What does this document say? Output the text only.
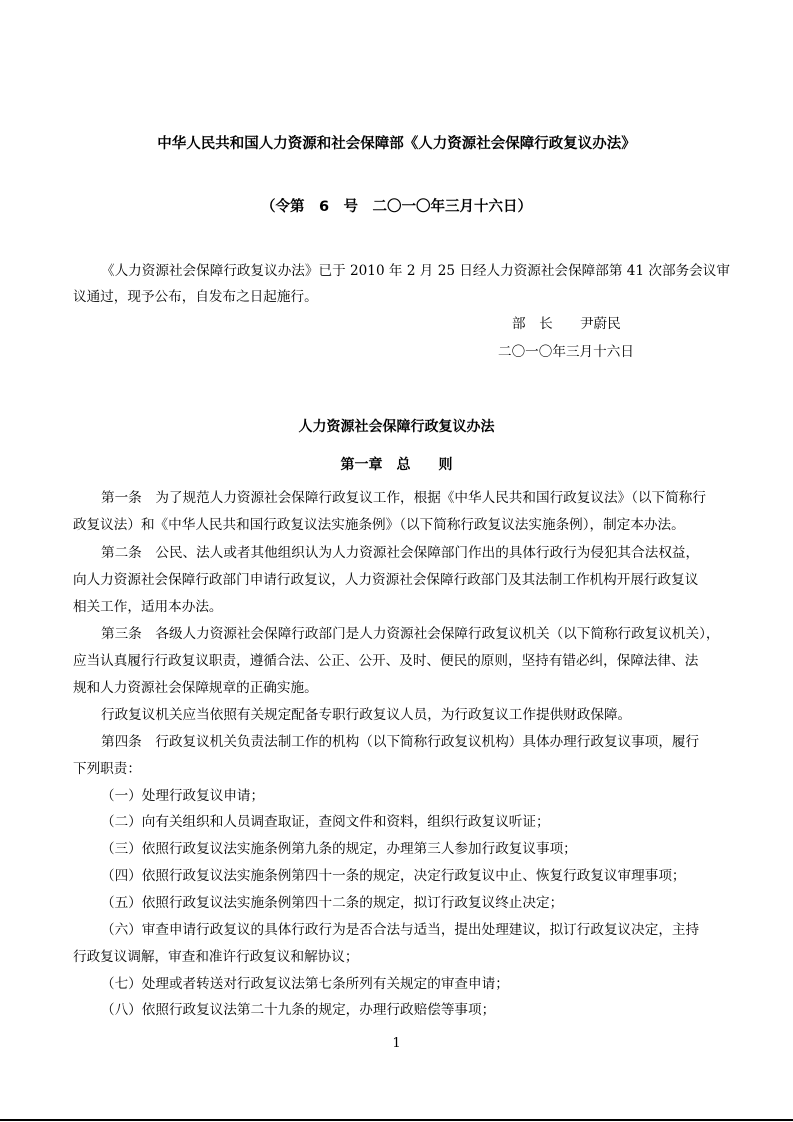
中华人民共和国人力资源和社会保障部《人力资源社会保障行政复议办法》
（令第　6　号　二〇一〇年三月十六日）
《人力资源社会保障行政复议办法》已于 2010 年 2 月 25 日经人力资源社会保障部第 41 次部务会议审
议通过，现予公布，自发布之日起施行。
部　长　　尹蔚民
二〇一〇年三月十六日
人力资源社会保障行政复议办法
第一章　总　　则
第一条　为了规范人力资源社会保障行政复议工作，根据《中华人民共和国行政复议法》（以下简称行
政复议法）和《中华人民共和国行政复议法实施条例》（以下简称行政复议法实施条例），制定本办法。
第二条　公民、法人或者其他组织认为人力资源社会保障部门作出的具体行政行为侵犯其合法权益，
向人力资源社会保障行政部门申请行政复议，人力资源社会保障行政部门及其法制工作机构开展行政复议
相关工作，适用本办法。
第三条　各级人力资源社会保障行政部门是人力资源社会保障行政复议机关（以下简称行政复议机关），
应当认真履行行政复议职责，遵循合法、公正、公开、及时、便民的原则，坚持有错必纠，保障法律、法
规和人力资源社会保障规章的正确实施。
行政复议机关应当依照有关规定配备专职行政复议人员，为行政复议工作提供财政保障。
第四条　行政复议机关负责法制工作的机构（以下简称行政复议机构）具体办理行政复议事项，履行
下列职责：
（一）处理行政复议申请；
（二）向有关组织和人员调查取证，查阅文件和资料，组织行政复议听证；
（三）依照行政复议法实施条例第九条的规定，办理第三人参加行政复议事项；
（四）依照行政复议法实施条例第四十一条的规定，决定行政复议中止、恢复行政复议审理事项；
（五）依照行政复议法实施条例第四十二条的规定，拟订行政复议终止决定；
（六）审查申请行政复议的具体行政行为是否合法与适当，提出处理建议，拟订行政复议决定，主持
行政复议调解，审查和准许行政复议和解协议；
（七）处理或者转送对行政复议法第七条所列有关规定的审查申请；
（八）依照行政复议法第二十九条的规定，办理行政赔偿等事项；
1
